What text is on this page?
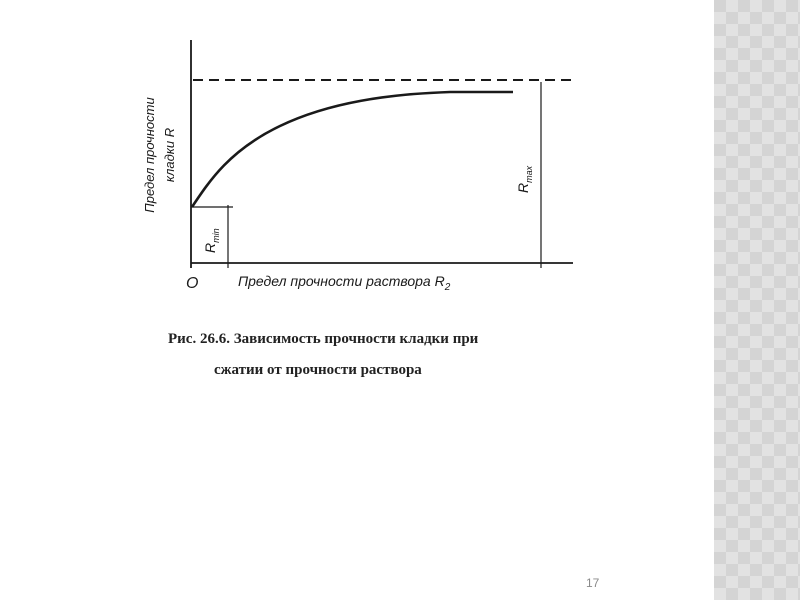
O	Предел прочности раствора $R_2$
Предел прочности кладки R
$R_{min}$
$R_{max}$
Рис. 26.6. Зависимость прочности кладки при
сжатии от прочности раствора
17
